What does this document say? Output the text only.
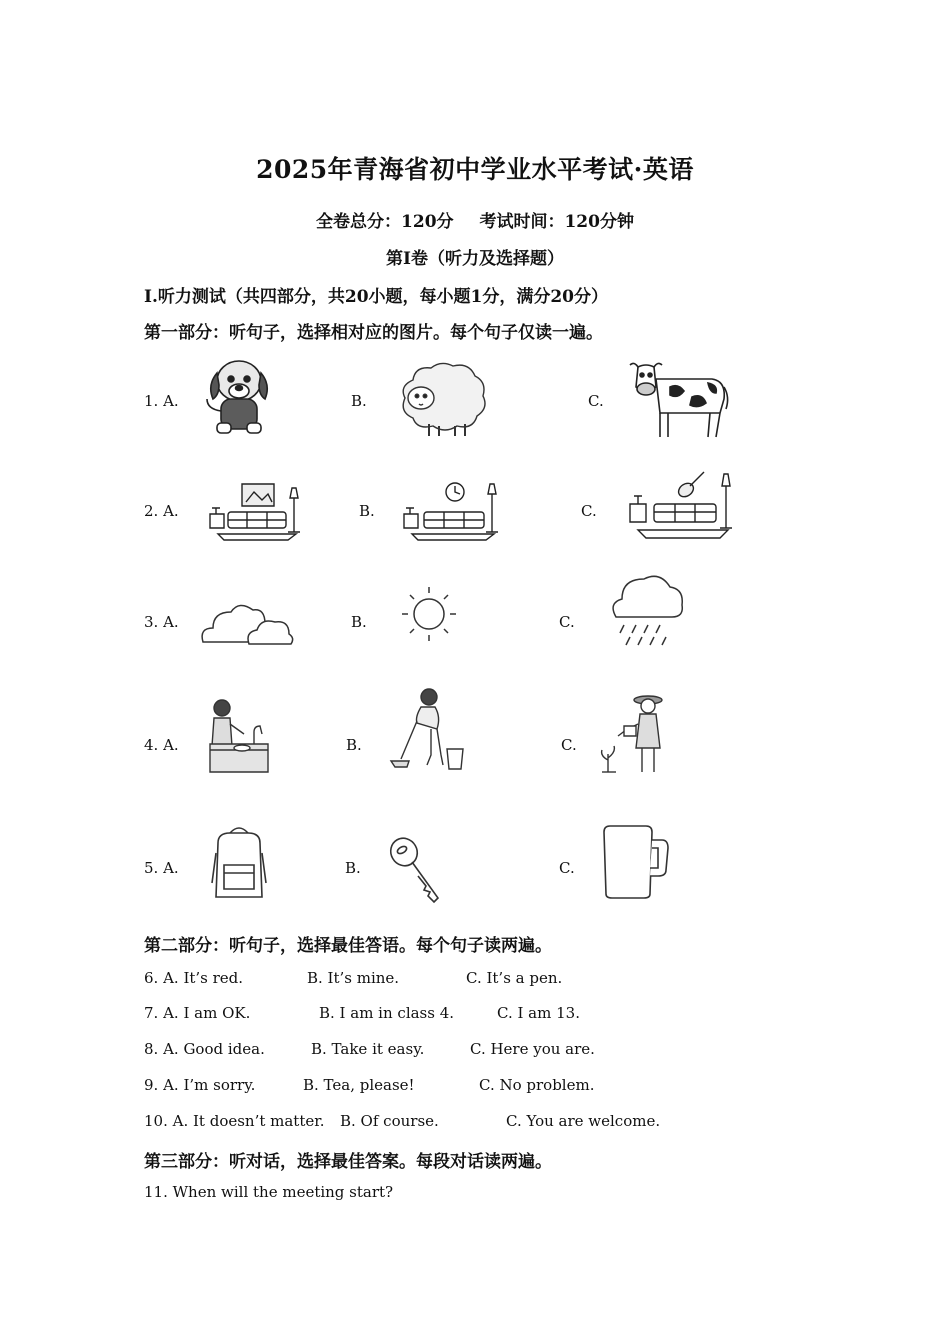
2025年青海省初中学业水平考试·英语
全卷总分：120分 考试时间：120分钟
第Ⅰ卷（听力及选择题）
Ⅰ.听力测试（共四部分，共20小题，每小题1分，满分20分）
第一部分：听句子，选择相对应的图片。每个句子仅读一遍。
1. A.	B.	C.
2. A.	B.	C.
3. A.	B.	C.
4. A.	B.	C.
5. A.	B.	C.
第二部分：听句子，选择最佳答语。每个句子读两遍。
6. A. It’s red.	B. It’s mine.	C. It’s a pen.
7. A. I am OK.	B. I am in class 4.	C. I am 13.
8. A. Good idea.	B. Take it easy.	C. Here you are.
9. A. I’m sorry.	B. Tea, please!	C. No problem.
10. A. It doesn’t matter. B. Of course.	C. You are welcome.
第三部分：听对话，选择最佳答案。每段对话读两遍。
11. When will the meeting start?
